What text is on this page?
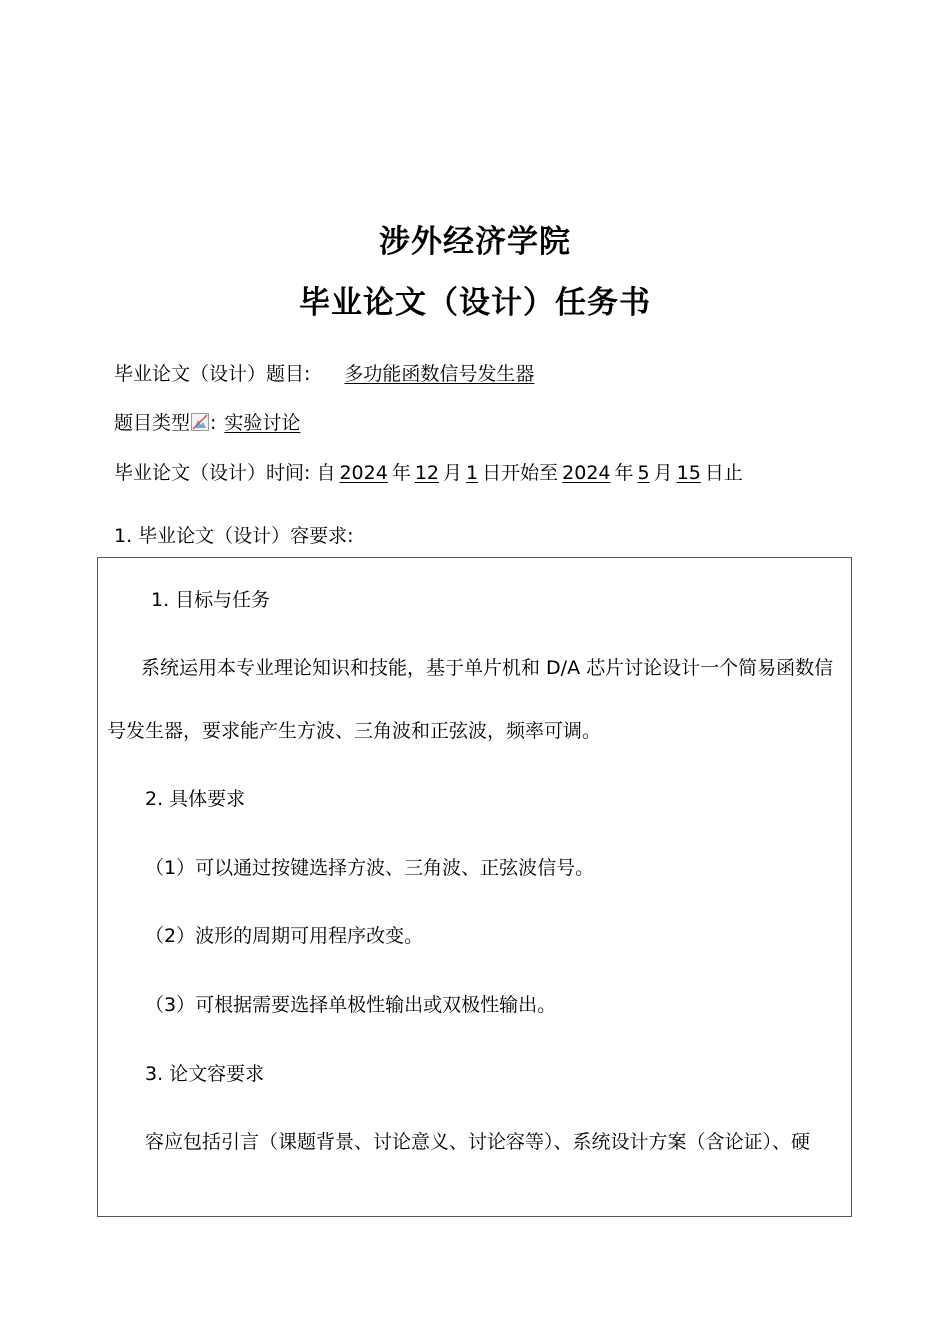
涉外经济学院
毕业论文（设计）任务书
毕业论文（设计）题目: 多功能函数信号发生器
题目类型 : 实验讨论
毕业论文（设计）时间: 自 2024 年 12 月 1 日开始至 2024 年 5 月 15 日止
1. 毕业论文（设计）容要求:
1. 目标与任务
系统运用本专业理论知识和技能，基于单片机和 D/A 芯片讨论设计一个简易函数信
号发生器，要求能产生方波、三角波和正弦波，频率可调。
2. 具体要求
（1）可以通过按键选择方波、三角波、正弦波信号。
（2）波形的周期可用程序改变。
（3）可根据需要选择单极性输出或双极性输出。
3. 论文容要求
容应包括引言（课题背景、讨论意义、讨论容等）、系统设计方案（含论证）、硬
